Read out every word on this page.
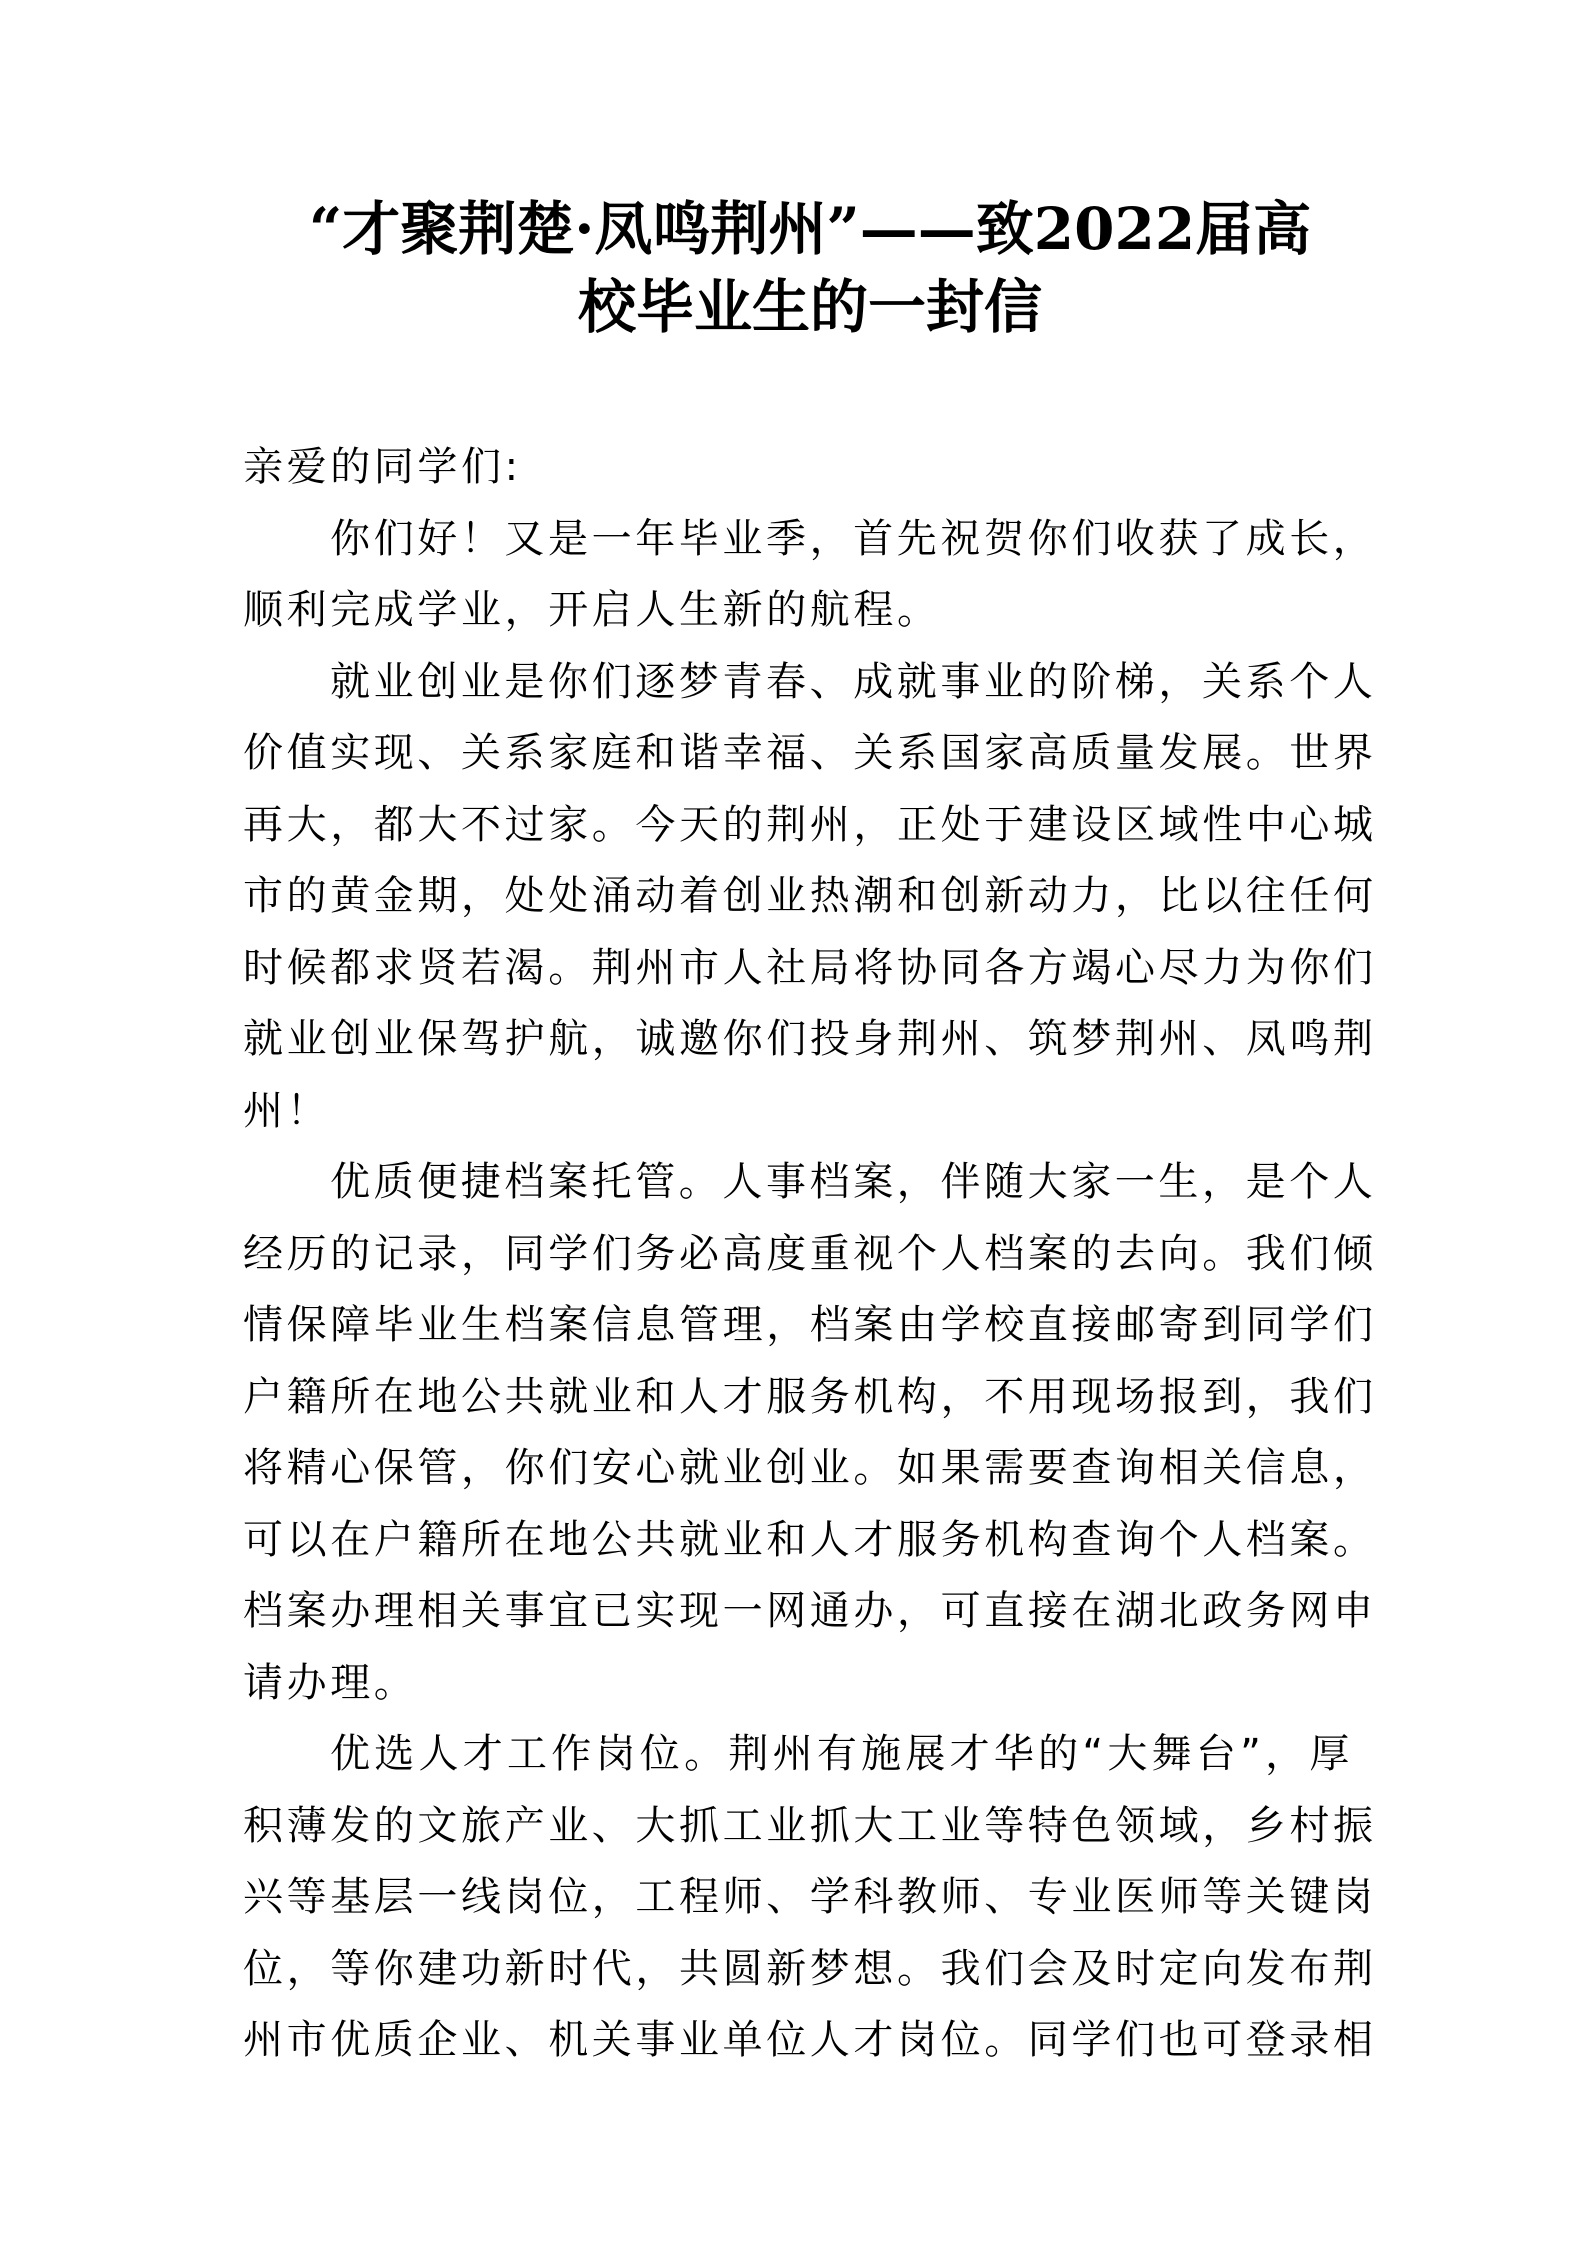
“才聚荆楚·凤鸣荆州”——致2022届高
校毕业生的一封信

亲爱的同学们:

你们好！又是一年毕业季，首先祝贺你们收获了成长，
顺利完成学业，开启人生新的航程。

就业创业是你们逐梦青春、成就事业的阶梯，关系个人
价值实现、关系家庭和谐幸福、关系国家高质量发展。世界
再大，都大不过家。今天的荆州，正处于建设区域性中心城
市的黄金期，处处涌动着创业热潮和创新动力，比以往任何
时候都求贤若渴。荆州市人社局将协同各方竭心尽力为你们
就业创业保驾护航，诚邀你们投身荆州、筑梦荆州、凤鸣荆
州！

优质便捷档案托管。人事档案，伴随大家一生，是个人
经历的记录，同学们务必高度重视个人档案的去向。我们倾
情保障毕业生档案信息管理，档案由学校直接邮寄到同学们
户籍所在地公共就业和人才服务机构，不用现场报到，我们
将精心保管，你们安心就业创业。如果需要查询相关信息，
可以在户籍所在地公共就业和人才服务机构查询个人档案。
档案办理相关事宜已实现一网通办，可直接在湖北政务网申
请办理。

优选人才工作岗位。荆州有施展才华的“大舞台”，厚
积薄发的文旅产业、大抓工业抓大工业等特色领域，乡村振
兴等基层一线岗位，工程师、学科教师、专业医师等关键岗
位，等你建功新时代，共圆新梦想。我们会及时定向发布荆
州市优质企业、机关事业单位人才岗位。同学们也可登录相
